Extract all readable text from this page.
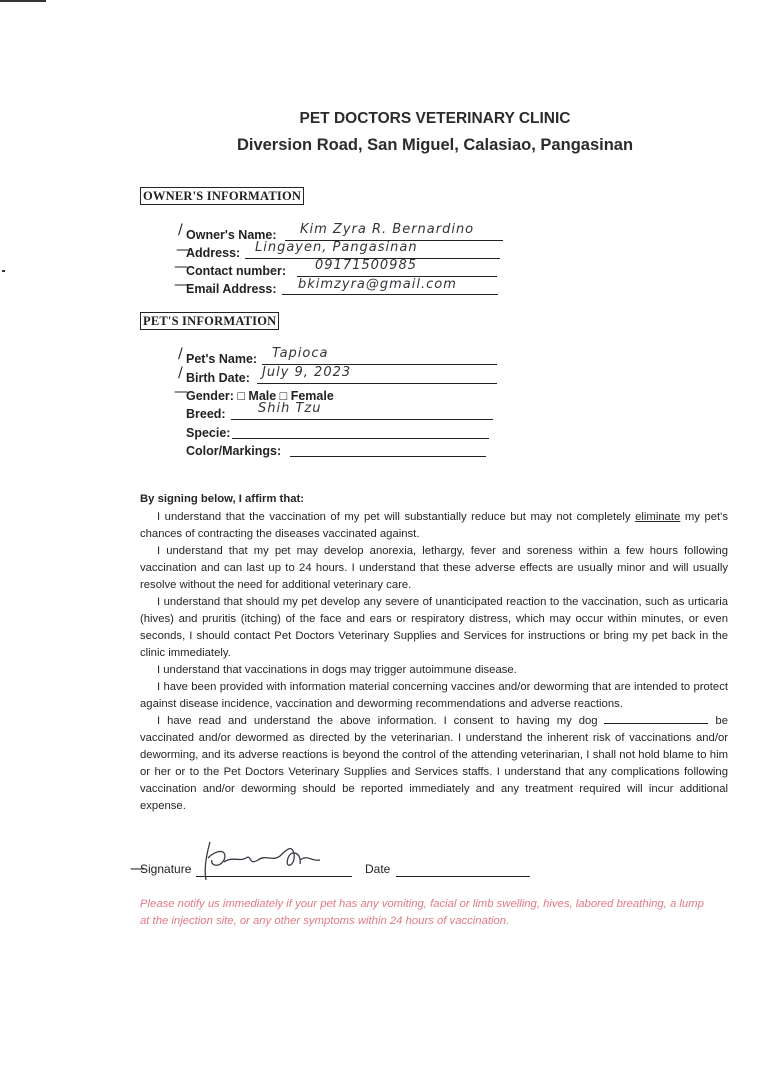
PET DOCTORS VETERINARY CLINIC
Diversion Road, San Miguel, Calasiao, Pangasinan
OWNER'S INFORMATION
/ Owner's Name: Kim Zyra R. Bernardino
—
Address: Lingayen, Pangasinan
—
Contact number: 09171500985
—
Email Address: bkimzyra@gmail.com
PET'S INFORMATION
/ Pet's Name: Tapioca
/ Birth Date: July 9, 2023
—
Gender: □ Male □ Female
Breed: Shih Tzu
Specie:
Color/Markings:

By signing below, I affirm that:

I understand that the vaccination of my pet will substantially reduce but may not completely eliminate my pet's chances of contracting the diseases vaccinated against.

I understand that my pet may develop anorexia, lethargy, fever and soreness within a few hours following vaccination and can last up to 24 hours. I understand that these adverse effects are usually minor and will usually resolve without the need for additional veterinary care.

I understand that should my pet develop any severe of unanticipated reaction to the vaccination, such as urticaria (hives) and pruritis (itching) of the face and ears or respiratory distress, which may occur within minutes, or even seconds, I should contact Pet Doctors Veterinary Supplies and Services for instructions or bring my pet back in the clinic immediately.

I understand that vaccinations in dogs may trigger autoimmune disease.

I have been provided with information material concerning vaccines and/or deworming that are intended to protect against disease incidence, vaccination and deworming recommendations and adverse reactions.

I have read and understand the above information. I consent to having my dog	be vaccinated and/or dewormed as directed by the veterinarian. I understand the inherent risk of vaccinations and/or deworming, and its adverse reactions is beyond the control of the attending veterinarian, I shall not hold blame to him or her or to the Pet Doctors Veterinary Supplies and Services staffs. I understand that any complications following vaccination and/or deworming should be reported immediately and any treatment required will incur additional expense.

Signature	Date
—
Please notify us immediately if your pet has any vomiting, facial or limb swelling, hives, labored breathing, a lump at the injection site, or any other symptoms within 24 hours of vaccination.
